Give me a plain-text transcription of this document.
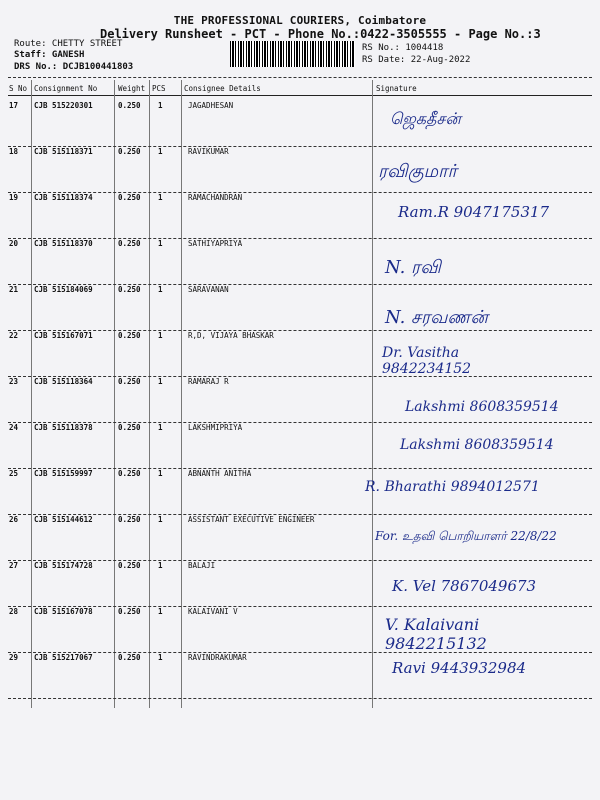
THE PROFESSIONAL COURIERS, Coimbatore
Delivery Runsheet - PCT - Phone No.:0422-3505555 - Page No.:3
Route: CHETTY STREET
Staff: GANESH
DRS No.: DCJB100441803
RS No.: 1004418
RS Date: 22-Aug-2022
S No Consignment No	Weight PCS Consignee Details	Signature
17 CJB 515220301	0.250 1	JAGADHESAN
ஜெகதீசன்
18 CJB 515118371	0.250 1	RAVIKUMAR
ரவிகுமார்
19 CJB 515118374	0.250 1	RAMACHANDRAN
Ram.R 9047175317
20 CJB 515118370	0.250 1	SATHIYAPRIYA
N. ரவி
21 CJB 515184069	0.250 1	SARAVANAN
N. சரவணன்
22 CJB 515167071	0.250 1	R,D, VIJAYA BHASKAR
Dr. Vasitha 9842234152
23 CJB 515118364	0.250 1	RAMARAJ R
Lakshmi 8608359514
24 CJB 515118378	0.250 1	LAKSHMIPRIYA
Lakshmi 8608359514
25 CJB 515159997	0.250 1	ABNANTH ANITHA
R. Bharathi 9894012571
26 CJB 515144612	0.250 1	ASSISTANT EXECUTIVE ENGINEER
For. உதவி பொறியாளர் 22/8/22
27 CJB 515174728	0.250 1	BALAJI
K. Vel 7867049673
28 CJB 515167078	0.250 1	KALAIVANI V
V. Kalaivani 9842215132
29 CJB 515217067	0.250 1	RAVINDRAKUMAR
Ravi 9443932984
